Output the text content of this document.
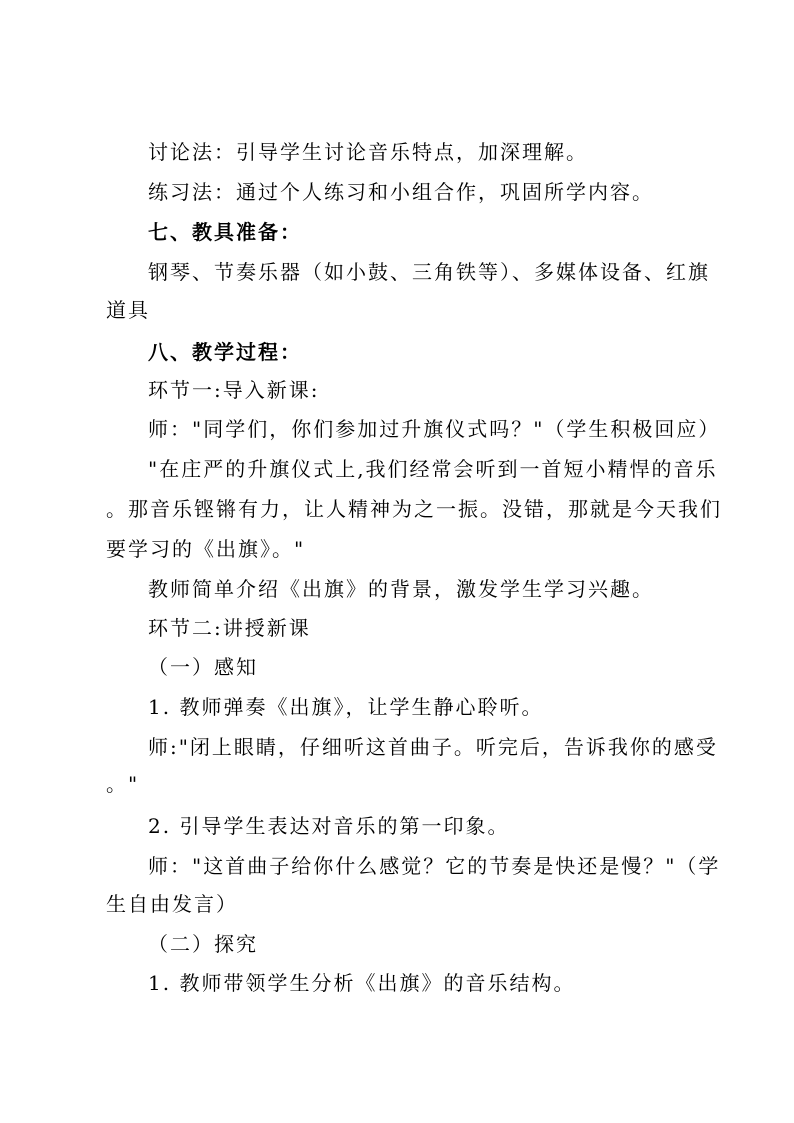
讨论法：引导学生讨论音乐特点，加深理解。
练习法：通过个人练习和小组合作，巩固所学内容。
七、教具准备：
钢琴、节奏乐器（如小鼓、三角铁等）、多媒体设备、红旗
道具
八、教学过程：
环节一:导入新课:
师："同学们，你们参加过升旗仪式吗？"（学生积极回应）
"在庄严的升旗仪式上,我们经常会听到一首短小精悍的音乐
。那音乐铿锵有力，让人精神为之一振。没错，那就是今天我们
要学习的《出旗》。"
教师简单介绍《出旗》的背景，激发学生学习兴趣。
环节二:讲授新课
（一）感知
1. 教师弹奏《出旗》，让学生静心聆听。
师:"闭上眼睛，仔细听这首曲子。听完后，告诉我你的感受
。"
2. 引导学生表达对音乐的第一印象。
师："这首曲子给你什么感觉？它的节奏是快还是慢？"（学
生自由发言）
（二）探究
1. 教师带领学生分析《出旗》的音乐结构。
